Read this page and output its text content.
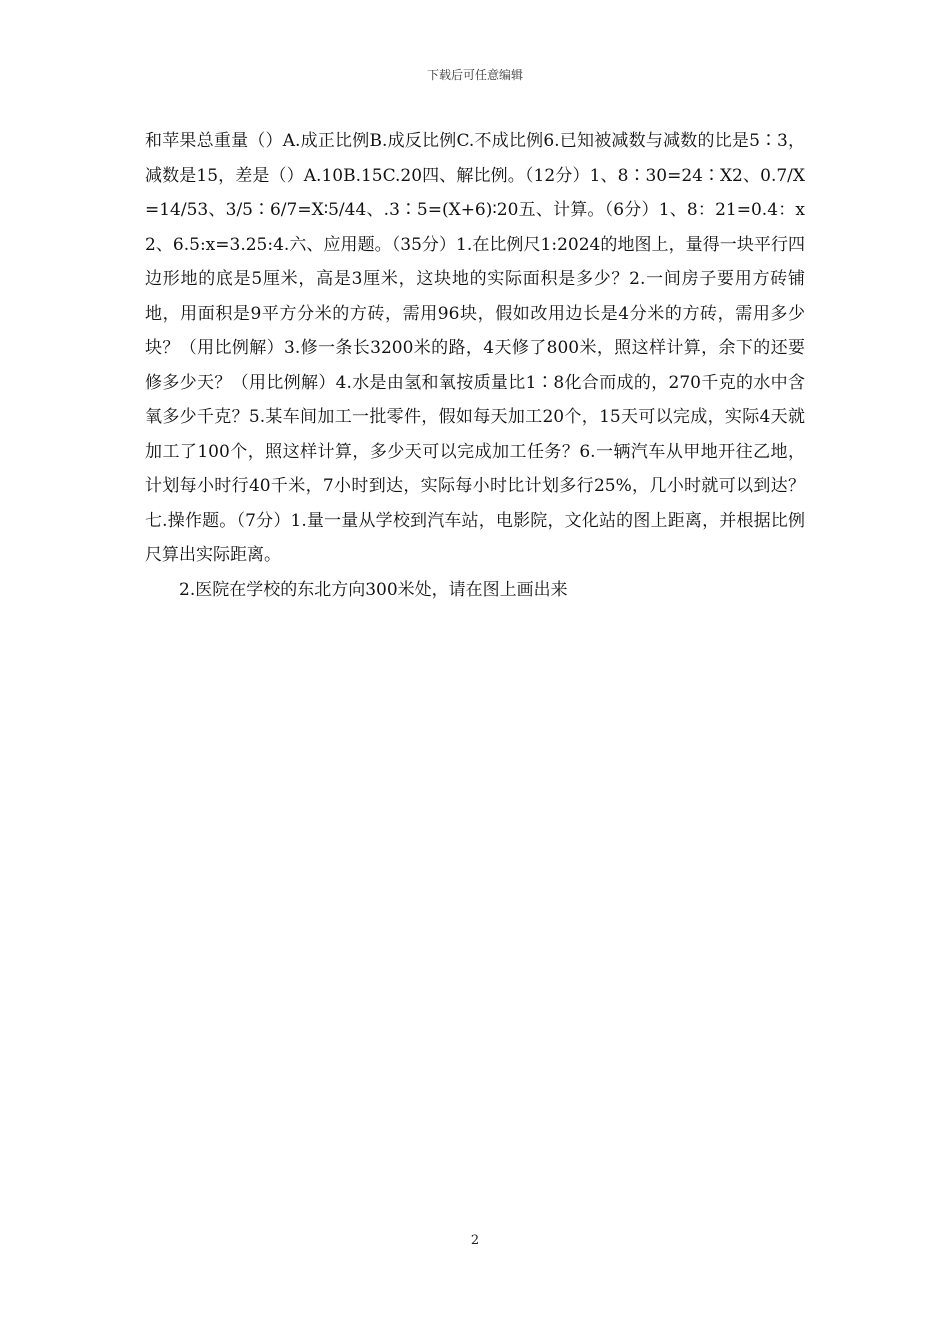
下载后可任意编辑

和苹果总重量（）A.成正比例B.成反比例C.不成比例6.已知被减数与减数的比是5∶3，减数是15，差是（）A.10B.15C.20四、解比例。（12分）1、8∶30=24∶X2、0.7/X=14/53、3/5∶6/7=X∶5/44、.3∶5=(X+6)∶20五、计算。（6分）1、8：21=0.4：x2、6.5:x=3.25:4.六、应用题。（35分）1.在比例尺1:2024的地图上，量得一块平行四边形地的底是5厘米，高是3厘米，这块地的实际面积是多少？2.一间房子要用方砖铺地，用面积是9平方分米的方砖，需用96块，假如改用边长是4分米的方砖，需用多少块？（用比例解）3.修一条长3200米的路，4天修了800米，照这样计算，余下的还要修多少天？（用比例解）4.水是由氢和氧按质量比1∶8化合而成的，270千克的水中含氧多少千克？5.某车间加工一批零件，假如每天加工20个，15天可以完成，实际4天就加工了100个，照这样计算，多少天可以完成加工任务？6.一辆汽车从甲地开往乙地，计划每小时行40千米，7小时到达，实际每小时比计划多行25%，几小时就可以到达？七.操作题。（7分）1.量一量从学校到汽车站，电影院，文化站的图上距离，并根据比例尺算出实际距离。

2.医院在学校的东北方向300米处，请在图上画出来

2
